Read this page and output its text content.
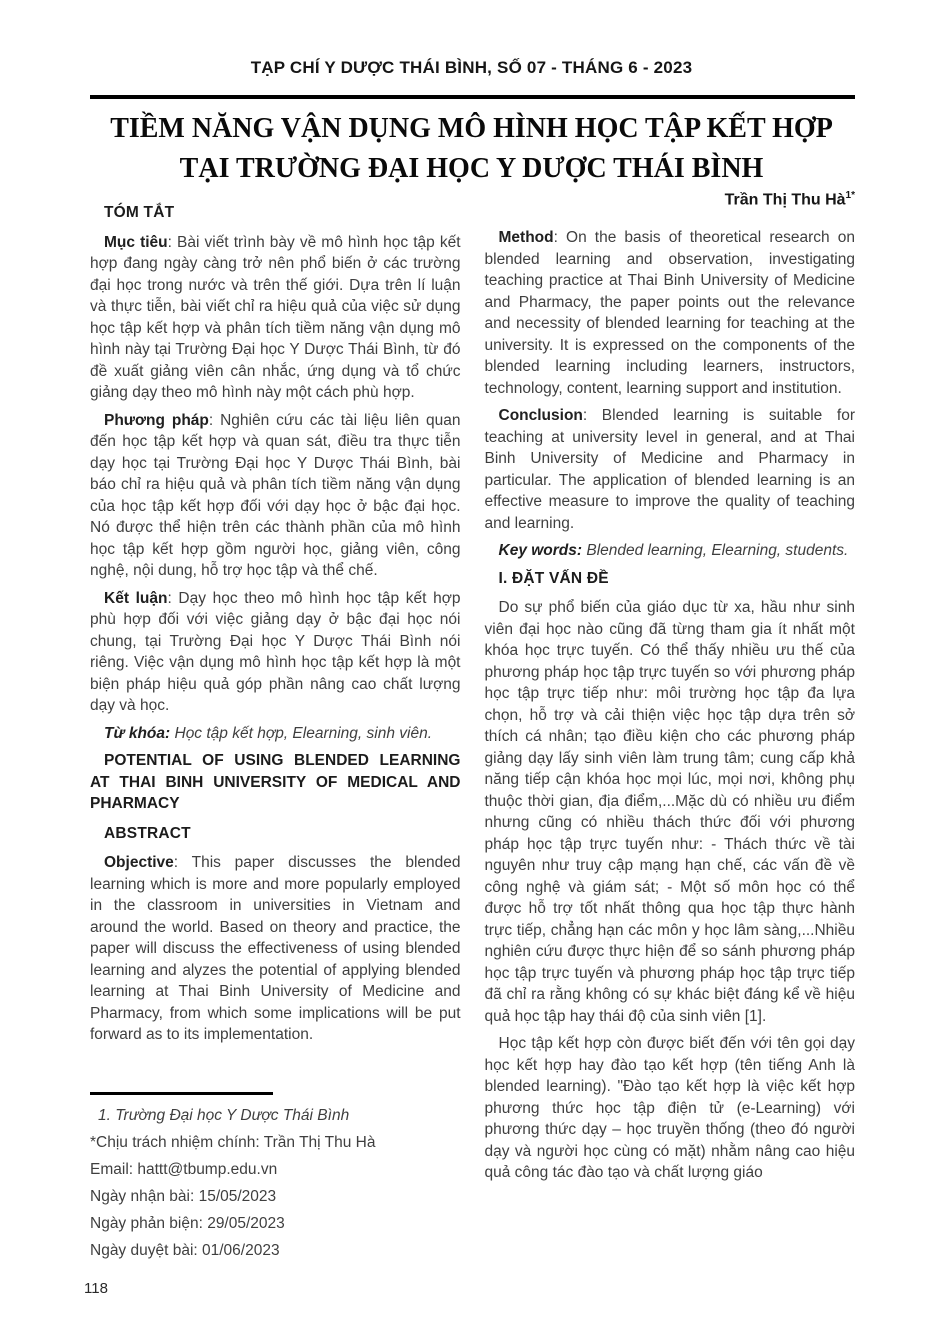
TẠP CHÍ Y DƯỢC THÁI BÌNH, SỐ 07 - THÁNG 6 - 2023
TIỀM NĂNG VẬN DỤNG MÔ HÌNH HỌC TẬP KẾT HỢP
TẠI TRƯỜNG ĐẠI HỌC Y DƯỢC THÁI BÌNH
Trần Thị Thu $Hà^{1*}$
TÓM TẮT

Mục tiêu: Bài viết trình bày về mô hình học tập kết hợp đang ngày càng trở nên phổ biến ở các trường đại học trong nước và trên thế giới. Dựa trên lí luận và thực tiễn, bài viết chỉ ra hiệu quả của việc sử dụng học tập kết hợp và phân tích tiềm năng vận dụng mô hình này tại Trường Đại học Y Dược Thái Bình, từ đó đề xuất giảng viên cân nhắc, ứng dụng và tổ chức giảng dạy theo mô hình này một cách phù hợp.

Phương pháp: Nghiên cứu các tài liệu liên quan đến học tập kết hợp và quan sát, điều tra thực tiễn dạy học tại Trường Đại học Y Dược Thái Bình, bài báo chỉ ra hiệu quả và phân tích tiềm năng vận dụng của học tập kết hợp đối với dạy học ở bậc đại học. Nó được thể hiện trên các thành phần của mô hình học tập kết hợp gồm người học, giảng viên, công nghệ, nội dung, hỗ trợ học tập và thể chế.

Kết luận: Dạy học theo mô hình học tập kết hợp phù hợp đối với việc giảng dạy ở bậc đại học nói chung, tại Trường Đại học Y Dược Thái Bình nói riêng. Việc vận dụng mô hình học tập kết hợp là một biện pháp hiệu quả góp phần nâng cao chất lượng dạy và học.

Từ khóa: Học tập kết hợp, Elearning, sinh viên.

POTENTIAL OF USING BLENDED LEARNING AT THAI BINH UNIVERSITY OF MEDICAL AND PHARMACY
ABSTRACT

Objective: This paper discusses the blended learning which is more and more popularly employed in the classroom in universities in Vietnam and around the world. Based on theory and practice, the paper will discuss the effectiveness of using blended learning and alyzes the potential of applying blended learning at Thai Binh University of Medicine and Pharmacy, from which some implications will be put forward as to its implementation.

Method: On the basis of theoretical research on blended learning and observation, investigating teaching practice at Thai Binh University of Medicine and Pharmacy, the paper points out the relevance and necessity of blended learning for teaching at the university. It is expressed on the components of the blended learning including learners, instructors, technology, content, learning support and institution.

Conclusion: Blended learning is suitable for teaching at university level in general, and at Thai Binh University of Medicine and Pharmacy in particular. The application of blended learning is an effective measure to improve the quality of teaching and learning.

Key words: Blended learning, Elearning, students.

I. ĐẶT VẤN ĐỀ

Do sự phổ biến của giáo dục từ xa, hầu như sinh viên đại học nào cũng đã từng tham gia ít nhất một khóa học trực tuyến. Có thể thấy nhiều ưu thế của phương pháp học tập trực tuyến so với phương pháp học tập trực tiếp như: môi trường học tập đa lựa chọn, hỗ trợ và cải thiện việc học tập dựa trên sở thích cá nhân; tạo điều kiện cho các phương pháp giảng dạy lấy sinh viên làm trung tâm; cung cấp khả năng tiếp cận khóa học mọi lúc, mọi nơi, không phụ thuộc thời gian, địa điểm,...Mặc dù có nhiều ưu điểm nhưng cũng có nhiều thách thức đối với phương pháp học tập trực tuyến như: - Thách thức về tài nguyên như truy cập mạng hạn chế, các vấn đề về công nghệ và giám sát; - Một số môn học có thể được hỗ trợ tốt nhất thông qua học tập thực hành trực tiếp, chẳng hạn các môn y học lâm sàng,...Nhiều nghiên cứu được thực hiện để so sánh phương pháp học tập trực tuyến và phương pháp học tập trực tiếp đã chỉ ra rằng không có sự khác biệt đáng kể về hiệu quả học tập hay thái độ của sinh viên [1].

Học tập kết hợp còn được biết đến với tên gọi dạy học kết hợp hay đào tạo kết hợp (tên tiếng Anh là blended learning). "Đào tạo kết hợp là việc kết hợp phương thức học tập điện tử (e-Learning) với phương thức dạy – học truyền thống (theo đó người dạy và người học cùng có mặt) nhằm nâng cao hiệu quả công tác đào tạo và chất lượng giáo

1. Trường Đại học Y Dược Thái Bình
*Chịu trách nhiệm chính: Trần Thị Thu Hà
Email: hattt@tbump.edu.vn
Ngày nhận bài: 15/05/2023
Ngày phản biện: 29/05/2023
Ngày duyệt bài: 01/06/2023
118
